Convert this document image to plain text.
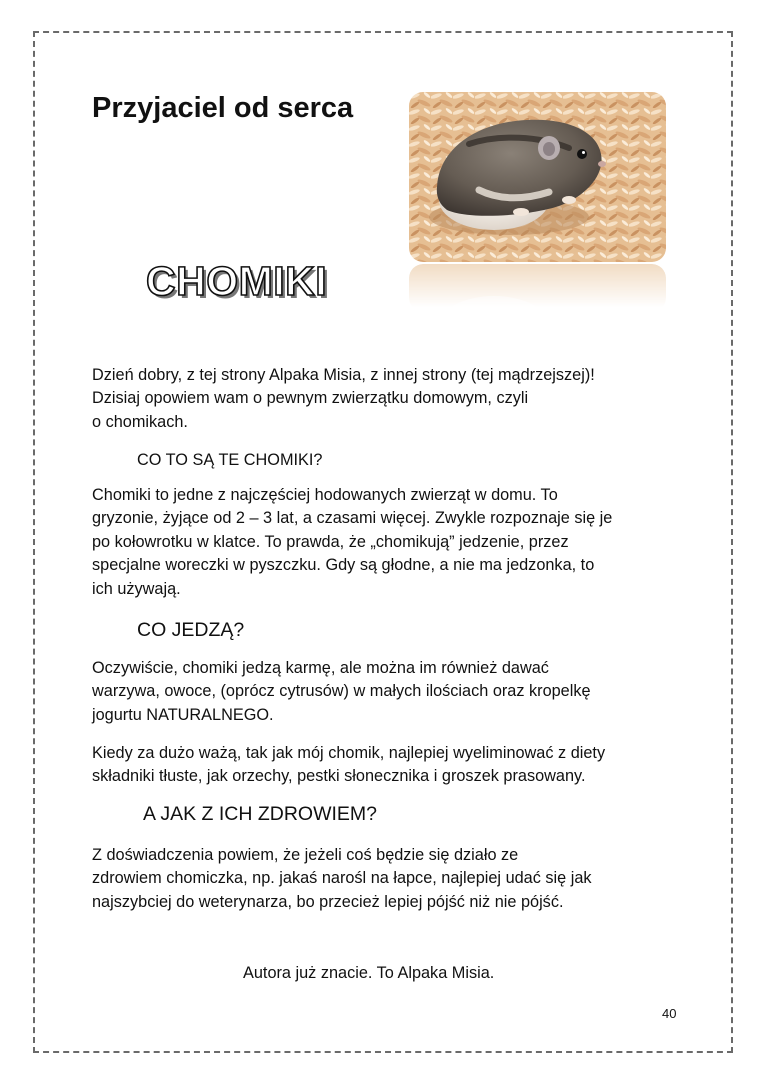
Przyjaciel od serca
CHOMIKI

Dzień dobry, z tej strony Alpaka Misia, z innej strony (tej mądrzejszej)!
Dzisiaj opowiem wam o pewnym zwierzątku domowym, czyli
o chomikach.

CO TO SĄ TE CHOMIKI?

Chomiki to jedne z najczęściej hodowanych zwierząt w domu. To
gryzonie, żyjące od 2 – 3 lat, a czasami więcej. Zwykle rozpoznaje się je
po kołowrotku w klatce. To prawda, że „chomikują” jedzenie, przez
specjalne woreczki w pyszczku. Gdy są głodne, a nie ma jedzonka, to
ich używają.

CO JEDZĄ?

Oczywiście, chomiki jedzą karmę, ale można im również dawać
warzywa, owoce, (oprócz cytrusów) w małych ilościach oraz kropelkę
jogurtu NATURALNEGO.

Kiedy za dużo ważą, tak jak mój chomik, najlepiej wyeliminować z diety
składniki tłuste, jak orzechy, pestki słonecznika i groszek prasowany.

A JAK Z ICH ZDROWIEM?

Z doświadczenia powiem, że jeżeli coś będzie się działo ze
zdrowiem chomiczka, np. jakaś narośl na łapce, najlepiej udać się jak
najszybciej do weterynarza, bo przecież lepiej pójść niż nie pójść.

Autora już znacie. To Alpaka Misia.

40
